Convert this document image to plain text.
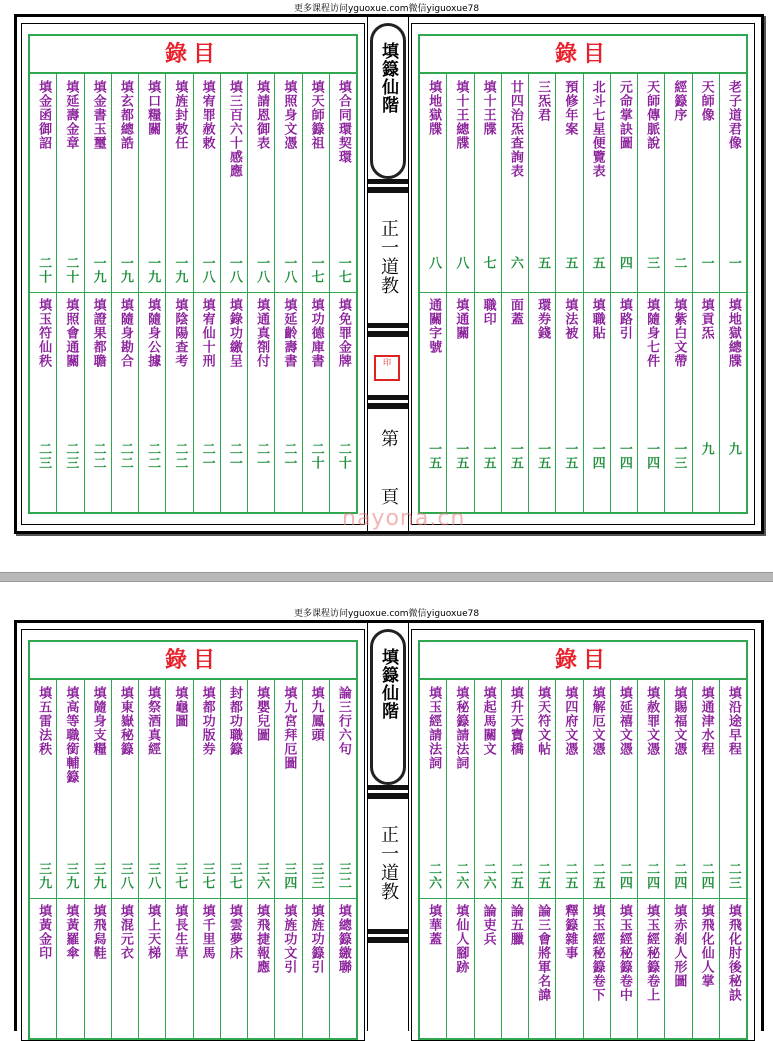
更多课程访问yguoxue.com微信yiguoxue78
錄目
填合同環契環
一七
填免罪金牌
二十
填天師籙祖
一七
填功德庫書
二十
填照身文憑
一八
填延齡壽書
二一
填請恩御表
一八
填通真劄付
二一
填三百六十感應
一八
填錄功繳呈
二一
填宥罪赦敕
一八
填宥仙十刑
二一
填旌封敕任
一九
填陰陽查考
二二
填口糧關
一九
填隨身公據
二二
填玄都總誥
一九
填隨身勘合
二二
填金書玉璽
一九
填證果都聸
二二
填延壽金章
二十
填照會通關
二三
填金函御詔
二十
填玉符仙秩
二三
填籙仙階
正一道教
印
第
頁
錄目
老子道君像
一
填地獄總牒
九
天師像
一
填貢炁
九
經籙序
二
填紫白文帶
一三
天師傳脈說
三
填隨身七件
一四
元命掌訣圖
四
填路引
一四
北斗七星便覽表
五
填職貼
一四
預修年案
五
填法被
一五
三炁君
五
環券錢
一五
廿四治炁查詢表
六
面蓋
一五
填十王牒
七
職印
一五
填十王總牒
八
填通關
一五
填地獄牒
八
通關字號
一五
nayona.cn
更多课程访问yguoxue.com微信yiguoxue78
錄目
論三行六句
三二
填總籙繳聯
填九鳳頭
三三
填旌功籙引
填九宮拜厄圖
三四
填旌功文引
填嬰兒圖
三六
填飛捷報應
封都功職籙
三七
填雲夢床
填都功版券
三七
填千里馬
填龜圖
三七
填長生草
填祭酒真經
三八
填上天梯
填東嶽秘籙
三八
填混元衣
填隨身支糧
三九
填飛舄鞋
填高等職銜輔籙
三九
填黃羅傘
填五雷法秩
三九
填黃金印
填籙仙階
正一道教
錄目
填沿途早程
二三
填飛化肘後秘訣
填通津水程
二四
填飛化仙人掌
填賜福文憑
二四
填赤刹人形圖
填赦罪文憑
二四
填玉經秘籙卷上
填延禧文憑
二四
填玉經秘籙卷中
填解厄文憑
二五
填玉經秘籙卷下
填四府文憑
二五
釋籙雜事
填天符文帖
二五
論三會將軍名諱
填升天寶橋
二五
論五臘
填起馬關文
二六
論吏兵
填秘籙請法詞
二六
填仙人腳跡
填玉經請法詞
二六
填華蓋
